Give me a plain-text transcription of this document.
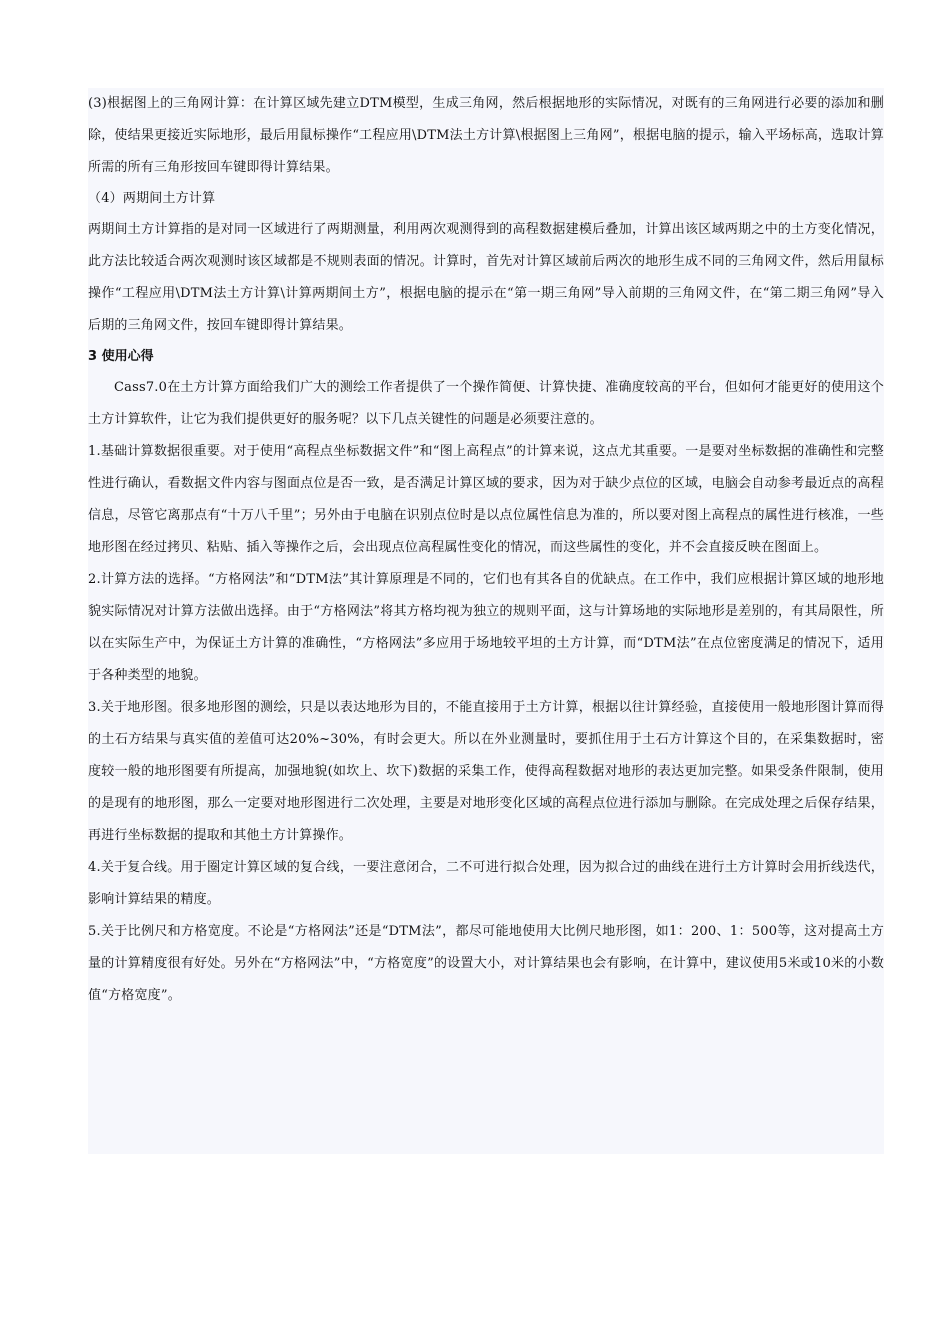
(3)根据图上的三角网计算：在计算区域先建立DTM模型，生成三角网，然后根据地形的实际情况，对既有的三角网进行必要的添加和删除，使结果更接近实际地形，最后用鼠标操作“工程应用\DTM法土方计算\根据图上三角网”，根据电脑的提示，输入平场标高，选取计算所需的所有三角形按回车键即得计算结果。

（4）两期间土方计算

两期间土方计算指的是对同一区域进行了两期测量，利用两次观测得到的高程数据建模后叠加，计算出该区域两期之中的土方变化情况，此方法比较适合两次观测时该区域都是不规则表面的情况。计算时，首先对计算区域前后两次的地形生成不同的三角网文件，然后用鼠标操作“工程应用\DTM法土方计算\计算两期间土方”，根据电脑的提示在“第一期三角网”导入前期的三角网文件，在“第二期三角网”导入后期的三角网文件，按回车键即得计算结果。

3 使用心得

Cass7.0在土方计算方面给我们广大的测绘工作者提供了一个操作简便、计算快捷、准确度较高的平台，但如何才能更好的使用这个土方计算软件，让它为我们提供更好的服务呢？以下几点关键性的问题是必须要注意的。

1.基础计算数据很重要。对于使用“高程点坐标数据文件”和“图上高程点”的计算来说，这点尤其重要。一是要对坐标数据的准确性和完整性进行确认，看数据文件内容与图面点位是否一致，是否满足计算区域的要求，因为对于缺少点位的区域，电脑会自动参考最近点的高程信息，尽管它离那点有“十万八千里”；另外由于电脑在识别点位时是以点位属性信息为准的，所以要对图上高程点的属性进行核准，一些地形图在经过拷贝、粘贴、插入等操作之后，会出现点位高程属性变化的情况，而这些属性的变化，并不会直接反映在图面上。

2.计算方法的选择。“方格网法”和“DTM法”其计算原理是不同的，它们也有其各自的优缺点。在工作中，我们应根据计算区域的地形地貌实际情况对计算方法做出选择。由于“方格网法”将其方格均视为独立的规则平面，这与计算场地的实际地形是差别的，有其局限性，所以在实际生产中，为保证土方计算的准确性，“方格网法”多应用于场地较平坦的土方计算，而“DTM法”在点位密度满足的情况下，适用于各种类型的地貌。

3.关于地形图。很多地形图的测绘，只是以表达地形为目的，不能直接用于土方计算，根据以往计算经验，直接使用一般地形图计算而得的土石方结果与真实值的差值可达20%~30%，有时会更大。所以在外业测量时，要抓住用于土石方计算这个目的，在采集数据时，密度较一般的地形图要有所提高，加强地貌(如坎上、坎下)数据的采集工作，使得高程数据对地形的表达更加完整。如果受条件限制，使用的是现有的地形图，那么一定要对地形图进行二次处理，主要是对地形变化区域的高程点位进行添加与删除。在完成处理之后保存结果，再进行坐标数据的提取和其他土方计算操作。

4.关于复合线。用于圈定计算区域的复合线，一要注意闭合，二不可进行拟合处理，因为拟合过的曲线在进行土方计算时会用折线迭代，影响计算结果的精度。

5.关于比例尺和方格宽度。不论是“方格网法”还是“DTM法”，都尽可能地使用大比例尺地形图，如1：200、1：500等，这对提高土方量的计算精度很有好处。另外在“方格网法”中，“方格宽度”的设置大小，对计算结果也会有影响，在计算中，建议使用5米或10米的小数值“方格宽度”。
